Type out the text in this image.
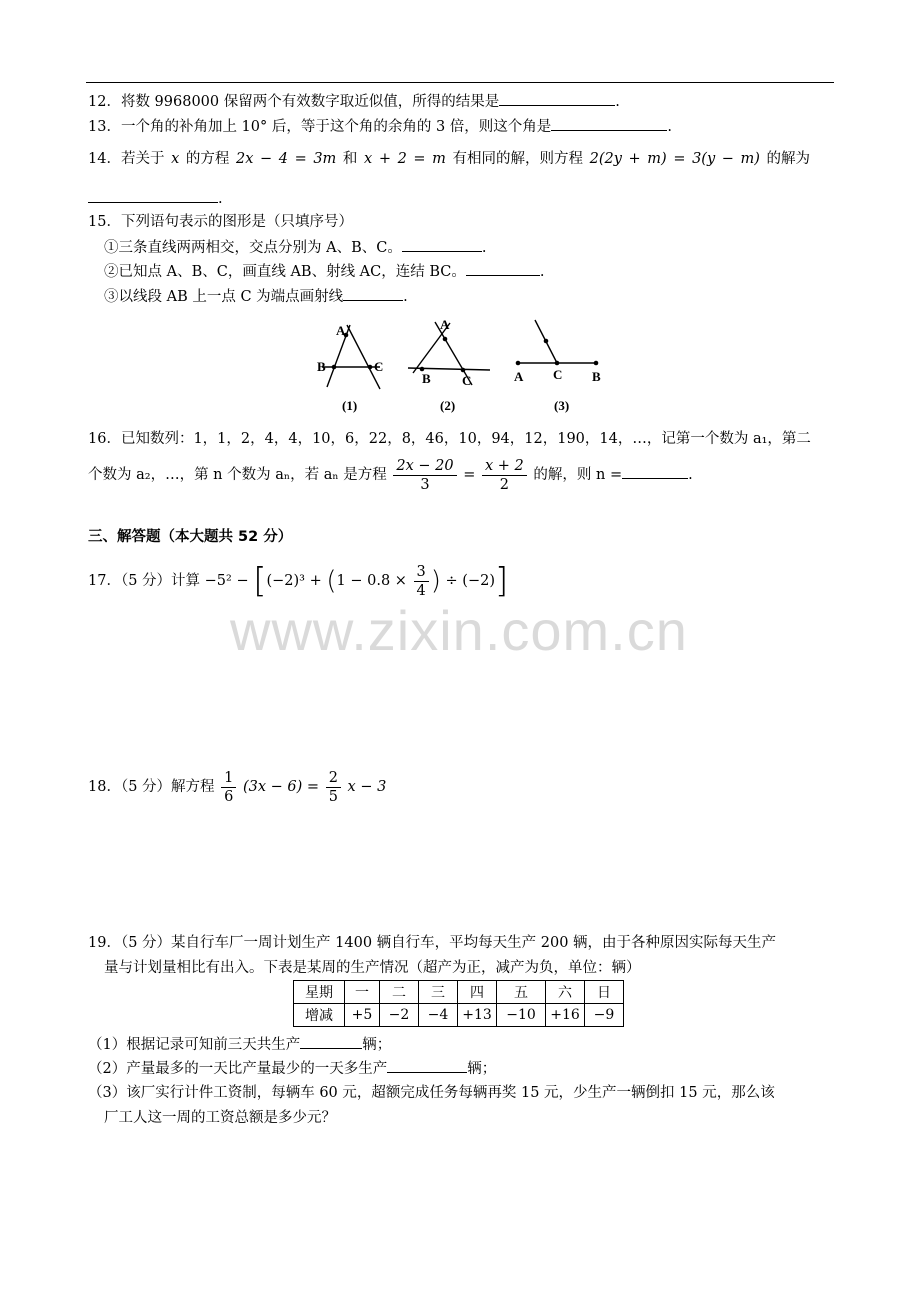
12．将数 9968000 保留两个有效数字取近似值，所得的结果是	.
13．一个角的补角加上 10° 后，等于这个角的余角的 3 倍，则这个角是	.
14．若关于 x 的方程 2x − 4 = 3m 和 x + 2 = m 有相同的解，则方程 2(2y + m) = 3(y − m) 的解为
.
15．下列语句表示的图形是（只填序号）
①三条直线两两相交，交点分别为 A、B、C。	.
②已知点 A、B、C，画直线 AB、射线 AC，连结 BC。	.
③以线段 AB 上一点 C 为端点画射线	.
A
B	C
(1)
A
B C
(2)
A C B
(3)
16．已知数列：1，1，2，4，4，10，6，22，8，46，10，94，12，190，14，…，记第一个数为 a₁，第二
个数为 a₂，…，第 n 个数为 aₙ，若 aₙ 是方程 $\frac{2x - 20}{3} = \frac{x + 2}{2}$ 的解，则 n =	.
三、解答题（本大题共 52 分）
17．（5 分）计算 $-5^2 - [(-2)^3 + (1 - 0.8 \times \frac{3}{4}$ ) ÷ (−2)]
www.zixin.com.cn
18．（5 分）解方程 $\frac{1}{6} (3x - 6) = \frac{2}{5}$ x − 3
19．（5 分）某自行车厂一周计划生产 1400 辆自行车，平均每天生产 200 辆，由于各种原因实际每天生产
量与计划量相比有出入。下表是某周的生产情况（超产为正，减产为负，单位：辆）
星期	一	二	三	四	五	六	日
增减	+5	−2	−4	+13	−10	+16	−9
（1）根据记录可知前三天共生产	辆；
（2）产量最多的一天比产量最少的一天多生产	辆；
（3）该厂实行计件工资制，每辆车 60 元，超额完成任务每辆再奖 15 元，少生产一辆倒扣 15 元，那么该
厂工人这一周的工资总额是多少元？
